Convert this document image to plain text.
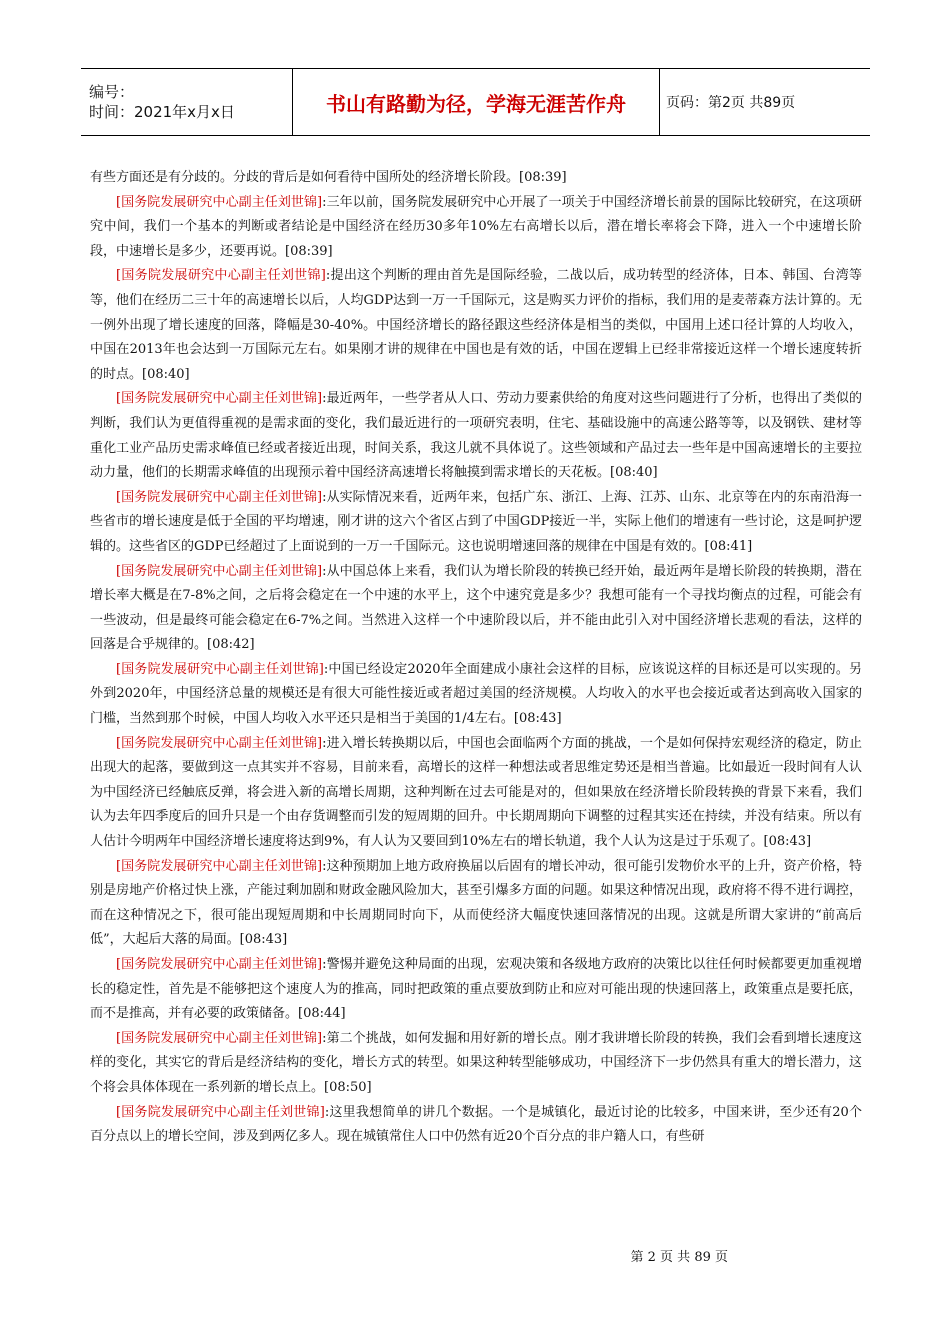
编号：
时间：2021年x月x日	书山有路勤为径，学海无涯苦作舟	页码：第2页 共89页

有些方面还是有分歧的。分歧的背后是如何看待中国所处的经济增长阶段。[08:39]

[国务院发展研究中心副主任刘世锦]:三年以前，国务院发展研究中心开展了一项关于中国经济增长前景的国际比较研究，在这项研究中间，我们一个基本的判断或者结论是中国经济在经历30多年10%左右高增长以后，潜在增长率将会下降，进入一个中速增长阶段，中速增长是多少，还要再说。[08:39]

[国务院发展研究中心副主任刘世锦]:提出这个判断的理由首先是国际经验，二战以后，成功转型的经济体，日本、韩国、台湾等等，他们在经历二三十年的高速增长以后，人均GDP达到一万一千国际元，这是购买力评价的指标，我们用的是麦蒂森方法计算的。无一例外出现了增长速度的回落，降幅是30-40%。中国经济增长的路径跟这些经济体是相当的类似，中国用上述口径计算的人均收入，中国在2013年也会达到一万国际元左右。如果刚才讲的规律在中国也是有效的话，中国在逻辑上已经非常接近这样一个增长速度转折的时点。[08:40]

[国务院发展研究中心副主任刘世锦]:最近两年，一些学者从人口、劳动力要素供给的角度对这些问题进行了分析，也得出了类似的判断，我们认为更值得重视的是需求面的变化，我们最近进行的一项研究表明，住宅、基础设施中的高速公路等等，以及钢铁、建材等重化工业产品历史需求峰值已经或者接近出现，时间关系，我这儿就不具体说了。这些领域和产品过去一些年是中国高速增长的主要拉动力量，他们的长期需求峰值的出现预示着中国经济高速增长将触摸到需求增长的天花板。[08:40]

[国务院发展研究中心副主任刘世锦]:从实际情况来看，近两年来，包括广东、浙江、上海、江苏、山东、北京等在内的东南沿海一些省市的增长速度是低于全国的平均增速，刚才讲的这六个省区占到了中国GDP接近一半，实际上他们的增速有一些讨论，这是呵护逻辑的。这些省区的GDP已经超过了上面说到的一万一千国际元。这也说明增速回落的规律在中国是有效的。[08:41]

[国务院发展研究中心副主任刘世锦]:从中国总体上来看，我们认为增长阶段的转换已经开始，最近两年是增长阶段的转换期，潜在增长率大概是在7-8%之间，之后将会稳定在一个中速的水平上，这个中速究竟是多少？我想可能有一个寻找均衡点的过程，可能会有一些波动，但是最终可能会稳定在6-7%之间。当然进入这样一个中速阶段以后，并不能由此引入对中国经济增长悲观的看法，这样的回落是合乎规律的。[08:42]

[国务院发展研究中心副主任刘世锦]:中国已经设定2020年全面建成小康社会这样的目标，应该说这样的目标还是可以实现的。另外到2020年，中国经济总量的规模还是有很大可能性接近或者超过美国的经济规模。人均收入的水平也会接近或者达到高收入国家的门槛，当然到那个时候，中国人均收入水平还只是相当于美国的1/4左右。[08:43]

[国务院发展研究中心副主任刘世锦]:进入增长转换期以后，中国也会面临两个方面的挑战，一个是如何保持宏观经济的稳定，防止出现大的起落，要做到这一点其实并不容易，目前来看，高增长的这样一种想法或者思维定势还是相当普遍。比如最近一段时间有人认为中国经济已经触底反弹，将会进入新的高增长周期，这种判断在过去可能是对的，但如果放在经济增长阶段转换的背景下来看，我们认为去年四季度后的回升只是一个由存货调整而引发的短周期的回升。中长期周期向下调整的过程其实还在持续，并没有结束。所以有人估计今明两年中国经济增长速度将达到9%，有人认为又要回到10%左右的增长轨道，我个人认为这是过于乐观了。[08:43]

[国务院发展研究中心副主任刘世锦]:这种预期加上地方政府换届以后固有的增长冲动，很可能引发物价水平的上升，资产价格，特别是房地产价格过快上涨，产能过剩加剧和财政金融风险加大，甚至引爆多方面的问题。如果这种情况出现，政府将不得不进行调控，而在这种情况之下，很可能出现短周期和中长周期同时向下，从而使经济大幅度快速回落情况的出现。这就是所谓大家讲的“前高后低”，大起后大落的局面。[08:43]

[国务院发展研究中心副主任刘世锦]:警惕并避免这种局面的出现，宏观决策和各级地方政府的决策比以往任何时候都要更加重视增长的稳定性，首先是不能够把这个速度人为的推高，同时把政策的重点要放到防止和应对可能出现的快速回落上，政策重点是要托底，而不是推高，并有必要的政策储备。[08:44]

[国务院发展研究中心副主任刘世锦]:第二个挑战，如何发掘和用好新的增长点。刚才我讲增长阶段的转换，我们会看到增长速度这样的变化，其实它的背后是经济结构的变化，增长方式的转型。如果这种转型能够成功，中国经济下一步仍然具有重大的增长潜力，这个将会具体体现在一系列新的增长点上。[08:50]

[国务院发展研究中心副主任刘世锦]:这里我想简单的讲几个数据。一个是城镇化，最近讨论的比较多，中国来讲，至少还有20个百分点以上的增长空间，涉及到两亿多人。现在城镇常住人口中仍然有近20个百分点的非户籍人口，有些研

第 2 页 共 89 页
